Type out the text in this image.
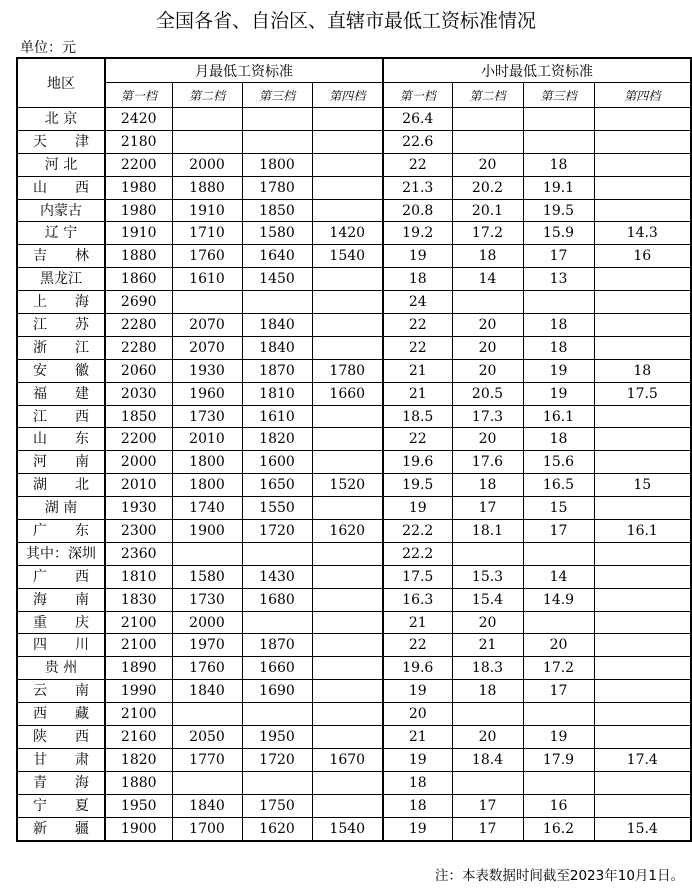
全国各省、自治区、直辖市最低工资标准情况
单位：元
地区	月最低工资标准				小时最低工资标准			
	第一档	第二档	第三档	第四档	第一档	第二档	第三档	第四档
北 京	2420				26.4			
天　　津	2180				22.6			
河 北	2200	2000	1800		22	20	18	
山　　西	1980	1880	1780		21.3	20.2	19.1	
内蒙古	1980	1910	1850		20.8	20.1	19.5	
辽 宁	1910	1710	1580	1420	19.2	17.2	15.9	14.3
吉　　林	1880	1760	1640	1540	19	18	17	16
黑龙江	1860	1610	1450		18	14	13	
上　　海	2690				24			
江　　苏	2280	2070	1840		22	20	18	
浙　　江	2280	2070	1840		22	20	18	
安　　徽	2060	1930	1870	1780	21	20	19	18
福　　建	2030	1960	1810	1660	21	20.5	19	17.5
江　　西	1850	1730	1610		18.5	17.3	16.1	
山　　东	2200	2010	1820		22	20	18	
河　　南	2000	1800	1600		19.6	17.6	15.6	
湖　　北	2010	1800	1650	1520	19.5	18	16.5	15
湖 南	1930	1740	1550		19	17	15	
广　　东	2300	1900	1720	1620	22.2	18.1	17	16.1
其中：深圳	2360				22.2			
广　　西	1810	1580	1430		17.5	15.3	14	
海　　南	1830	1730	1680		16.3	15.4	14.9	
重　　庆	2100	2000			21	20		
四　　川	2100	1970	1870		22	21	20	
贵 州	1890	1760	1660		19.6	18.3	17.2	
云　　南	1990	1840	1690		19	18	17	
西　　藏	2100				20			
陕　　西	2160	2050	1950		21	20	19	
甘　　肃	1820	1770	1720	1670	19	18.4	17.9	17.4
青　　海	1880				18			
宁　　夏	1950	1840	1750		18	17	16	
新　　疆	1900	1700	1620	1540	19	17	16.2	15.4
注：本表数据时间截至2023年10月1日。
